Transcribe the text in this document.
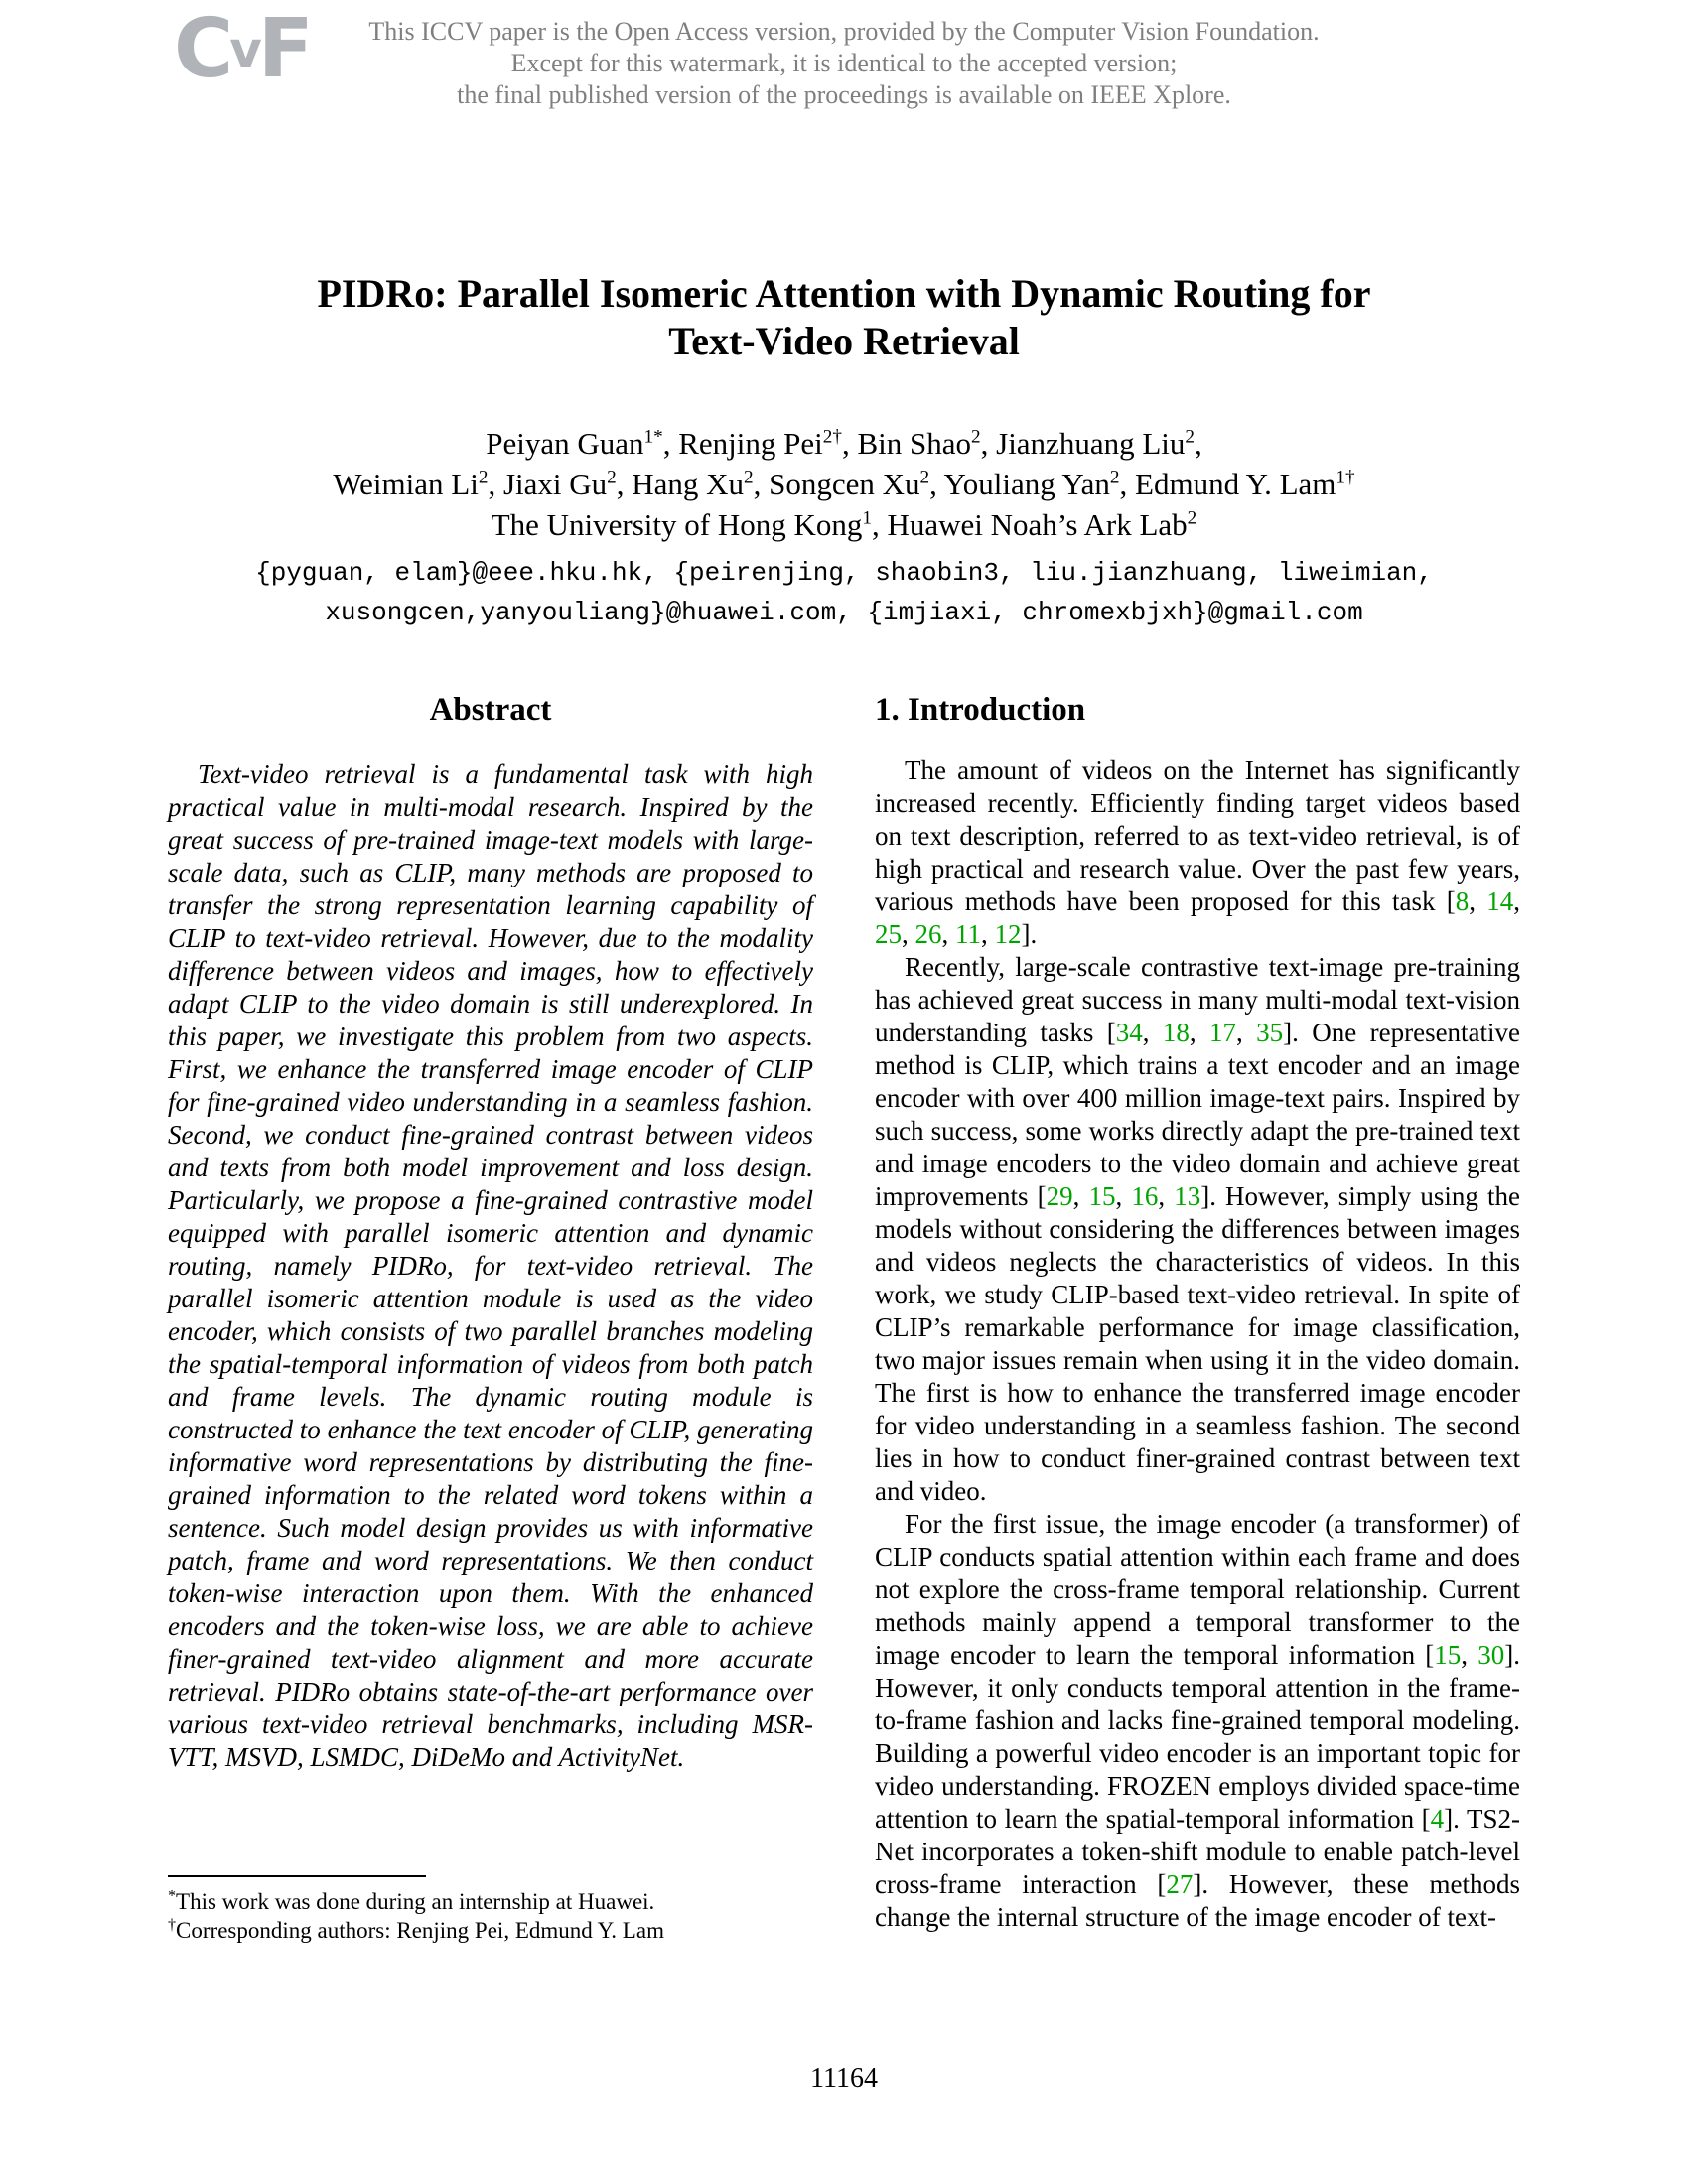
CvF	This ICCV paper is the Open Access version, provided by the Computer Vision Foundation.
Except for this watermark, it is identical to the accepted version;
the final published version of the proceedings is available on IEEE Xplore.
PIDRo: Parallel Isomeric Attention with Dynamic Routing for
Text-Video Retrieval
Peiyan Guan$^{1*}$, Renjing Pei$^{2\dagger}$, Bin Shao$^2$, Jianzhuang Liu$^2$,
Weimian Li$^2$, Jiaxi Gu$^2$, Hang Xu$^2$, Songcen Xu$^2$, Youliang Yan$^2$, Edmund Y. Lam$^{1\dagger}$
The University of Hong Kong$^1$, Huawei Noah’s Ark Lab$^2$
{pyguan, elam}@eee.hku.hk, {peirenjing, shaobin3, liu.jianzhuang, liweimian,
xusongcen,yanyouliang}@huawei.com, {imjiaxi, chromexbjxh}@gmail.com
Abstract

Text-video retrieval is a fundamental task with high practical value in multi-modal research. Inspired by the great success of pre-trained image-text models with large-scale data, such as CLIP, many methods are proposed to transfer the strong representation learning capability of CLIP to text-video retrieval. However, due to the modality difference between videos and images, how to effectively adapt CLIP to the video domain is still underexplored. In this paper, we investigate this problem from two aspects. First, we enhance the transferred image encoder of CLIP for fine-grained video understanding in a seamless fashion. Second, we conduct fine-grained contrast between videos and texts from both model improvement and loss design. Particularly, we propose a fine-grained contrastive model equipped with parallel isomeric attention and dynamic routing, namely PIDRo, for text-video retrieval. The parallel isomeric attention module is used as the video encoder, which consists of two parallel branches modeling the spatial-temporal information of videos from both patch and frame levels. The dynamic routing module is constructed to enhance the text encoder of CLIP, generating informative word representations by distributing the fine-grained information to the related word tokens within a sentence. Such model design provides us with informative patch, frame and word representations. We then conduct token-wise interaction upon them. With the enhanced encoders and the token-wise loss, we are able to achieve finer-grained text-video alignment and more accurate retrieval. PIDRo obtains state-of-the-art performance over various text-video retrieval benchmarks, including MSR-VTT, MSVD, LSMDC, DiDeMo and ActivityNet.

*This work was done during an internship at Huawei.
†Corresponding authors: Renjing Pei, Edmund Y. Lam
1. Introduction

The amount of videos on the Internet has significantly increased recently. Efficiently finding target videos based on text description, referred to as text-video retrieval, is of high practical and research value. Over the past few years, various methods have been proposed for this task [8, 14, 25, 26, 11, 12].

Recently, large-scale contrastive text-image pre-training has achieved great success in many multi-modal text-vision understanding tasks [34, 18, 17, 35]. One representative method is CLIP, which trains a text encoder and an image encoder with over 400 million image-text pairs. Inspired by such success, some works directly adapt the pre-trained text and image encoders to the video domain and achieve great improvements [29, 15, 16, 13]. However, simply using the models without considering the differences between images and videos neglects the characteristics of videos. In this work, we study CLIP-based text-video retrieval. In spite of CLIP’s remarkable performance for image classification, two major issues remain when using it in the video domain. The first is how to enhance the transferred image encoder for video understanding in a seamless fashion. The second lies in how to conduct finer-grained contrast between text and video.

For the first issue, the image encoder (a transformer) of CLIP conducts spatial attention within each frame and does not explore the cross-frame temporal relationship. Current methods mainly append a temporal transformer to the image encoder to learn the temporal information [15, 30]. However, it only conducts temporal attention in the frame-to-frame fashion and lacks fine-grained temporal modeling. Building a powerful video encoder is an important topic for video understanding. FROZEN employs divided space-time attention to learn the spatial-temporal information [4]. TS2-Net incorporates a token-shift module to enable patch-level cross-frame interaction [27]. However, these methods change the internal structure of the image encoder of text-

11164
